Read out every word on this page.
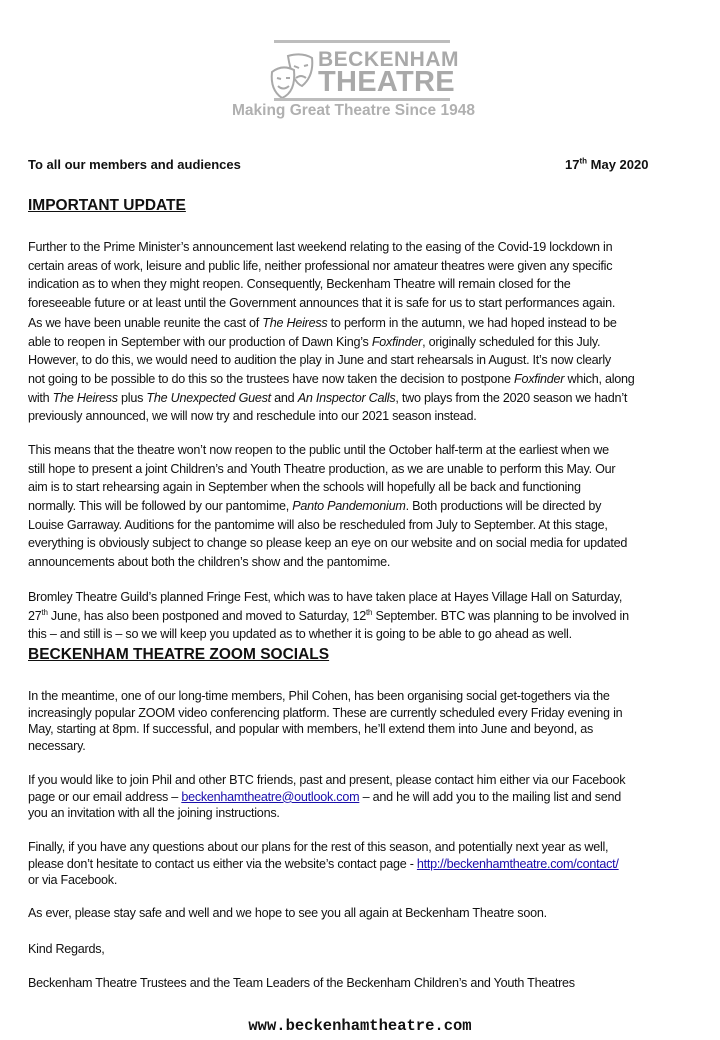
BECKENHAM
THEATRE
Making Great Theatre Since 1948
To all our members and audiences	17th May 2020
IMPORTANT UPDATE
BECKENHAM THEATRE ZOOM SOCIALS
Further to the Prime Minister’s announcement last weekend relating to the easing of the Covid-19 lockdown in
certain areas of work, leisure and public life, neither professional nor amateur theatres were given any specific
indication as to when they might reopen. Consequently, Beckenham Theatre will remain closed for the
foreseeable future or at least until the Government announces that it is safe for us to start performances again.
As we have been unable reunite the cast of The Heiress to perform in the autumn, we had hoped instead to be
able to reopen in September with our production of Dawn King’s Foxfinder, originally scheduled for this July.
However, to do this, we would need to audition the play in June and start rehearsals in August. It’s now clearly
not going to be possible to do this so the trustees have now taken the decision to postpone Foxfinder which, along
with The Heiress plus The Unexpected Guest and An Inspector Calls, two plays from the 2020 season we hadn’t
previously announced, we will now try and reschedule into our 2021 season instead.
This means that the theatre won’t now reopen to the public until the October half-term at the earliest when we
still hope to present a joint Children’s and Youth Theatre production, as we are unable to perform this May. Our
aim is to start rehearsing again in September when the schools will hopefully all be back and functioning
normally. This will be followed by our pantomime, Panto Pandemonium. Both productions will be directed by
Louise Garraway. Auditions for the pantomime will also be rescheduled from July to September. At this stage,
everything is obviously subject to change so please keep an eye on our website and on social media for updated
announcements about both the children’s show and the pantomime.
Bromley Theatre Guild’s planned Fringe Fest, which was to have taken place at Hayes Village Hall on Saturday,
27th June, has also been postponed and moved to Saturday, 12th September. BTC was planning to be involved in
this – and still is – so we will keep you updated as to whether it is going to be able to go ahead as well.
In the meantime, one of our long-time members, Phil Cohen, has been organising social get-togethers via the
increasingly popular ZOOM video conferencing platform. These are currently scheduled every Friday evening in
May, starting at 8pm. If successful, and popular with members, he’ll extend them into June and beyond, as
necessary.
If you would like to join Phil and other BTC friends, past and present, please contact him either via our Facebook
page or our email address – beckenhamtheatre@outlook.com – and he will add you to the mailing list and send
you an invitation with all the joining instructions.
Finally, if you have any questions about our plans for the rest of this season, and potentially next year as well,
please don’t hesitate to contact us either via the website’s contact page - http://beckenhamtheatre.com/contact/
or via Facebook.
As ever, please stay safe and well and we hope to see you all again at Beckenham Theatre soon.
Kind Regards,
Beckenham Theatre Trustees and the Team Leaders of the Beckenham Children’s and Youth Theatres
www.beckenhamtheatre.com
